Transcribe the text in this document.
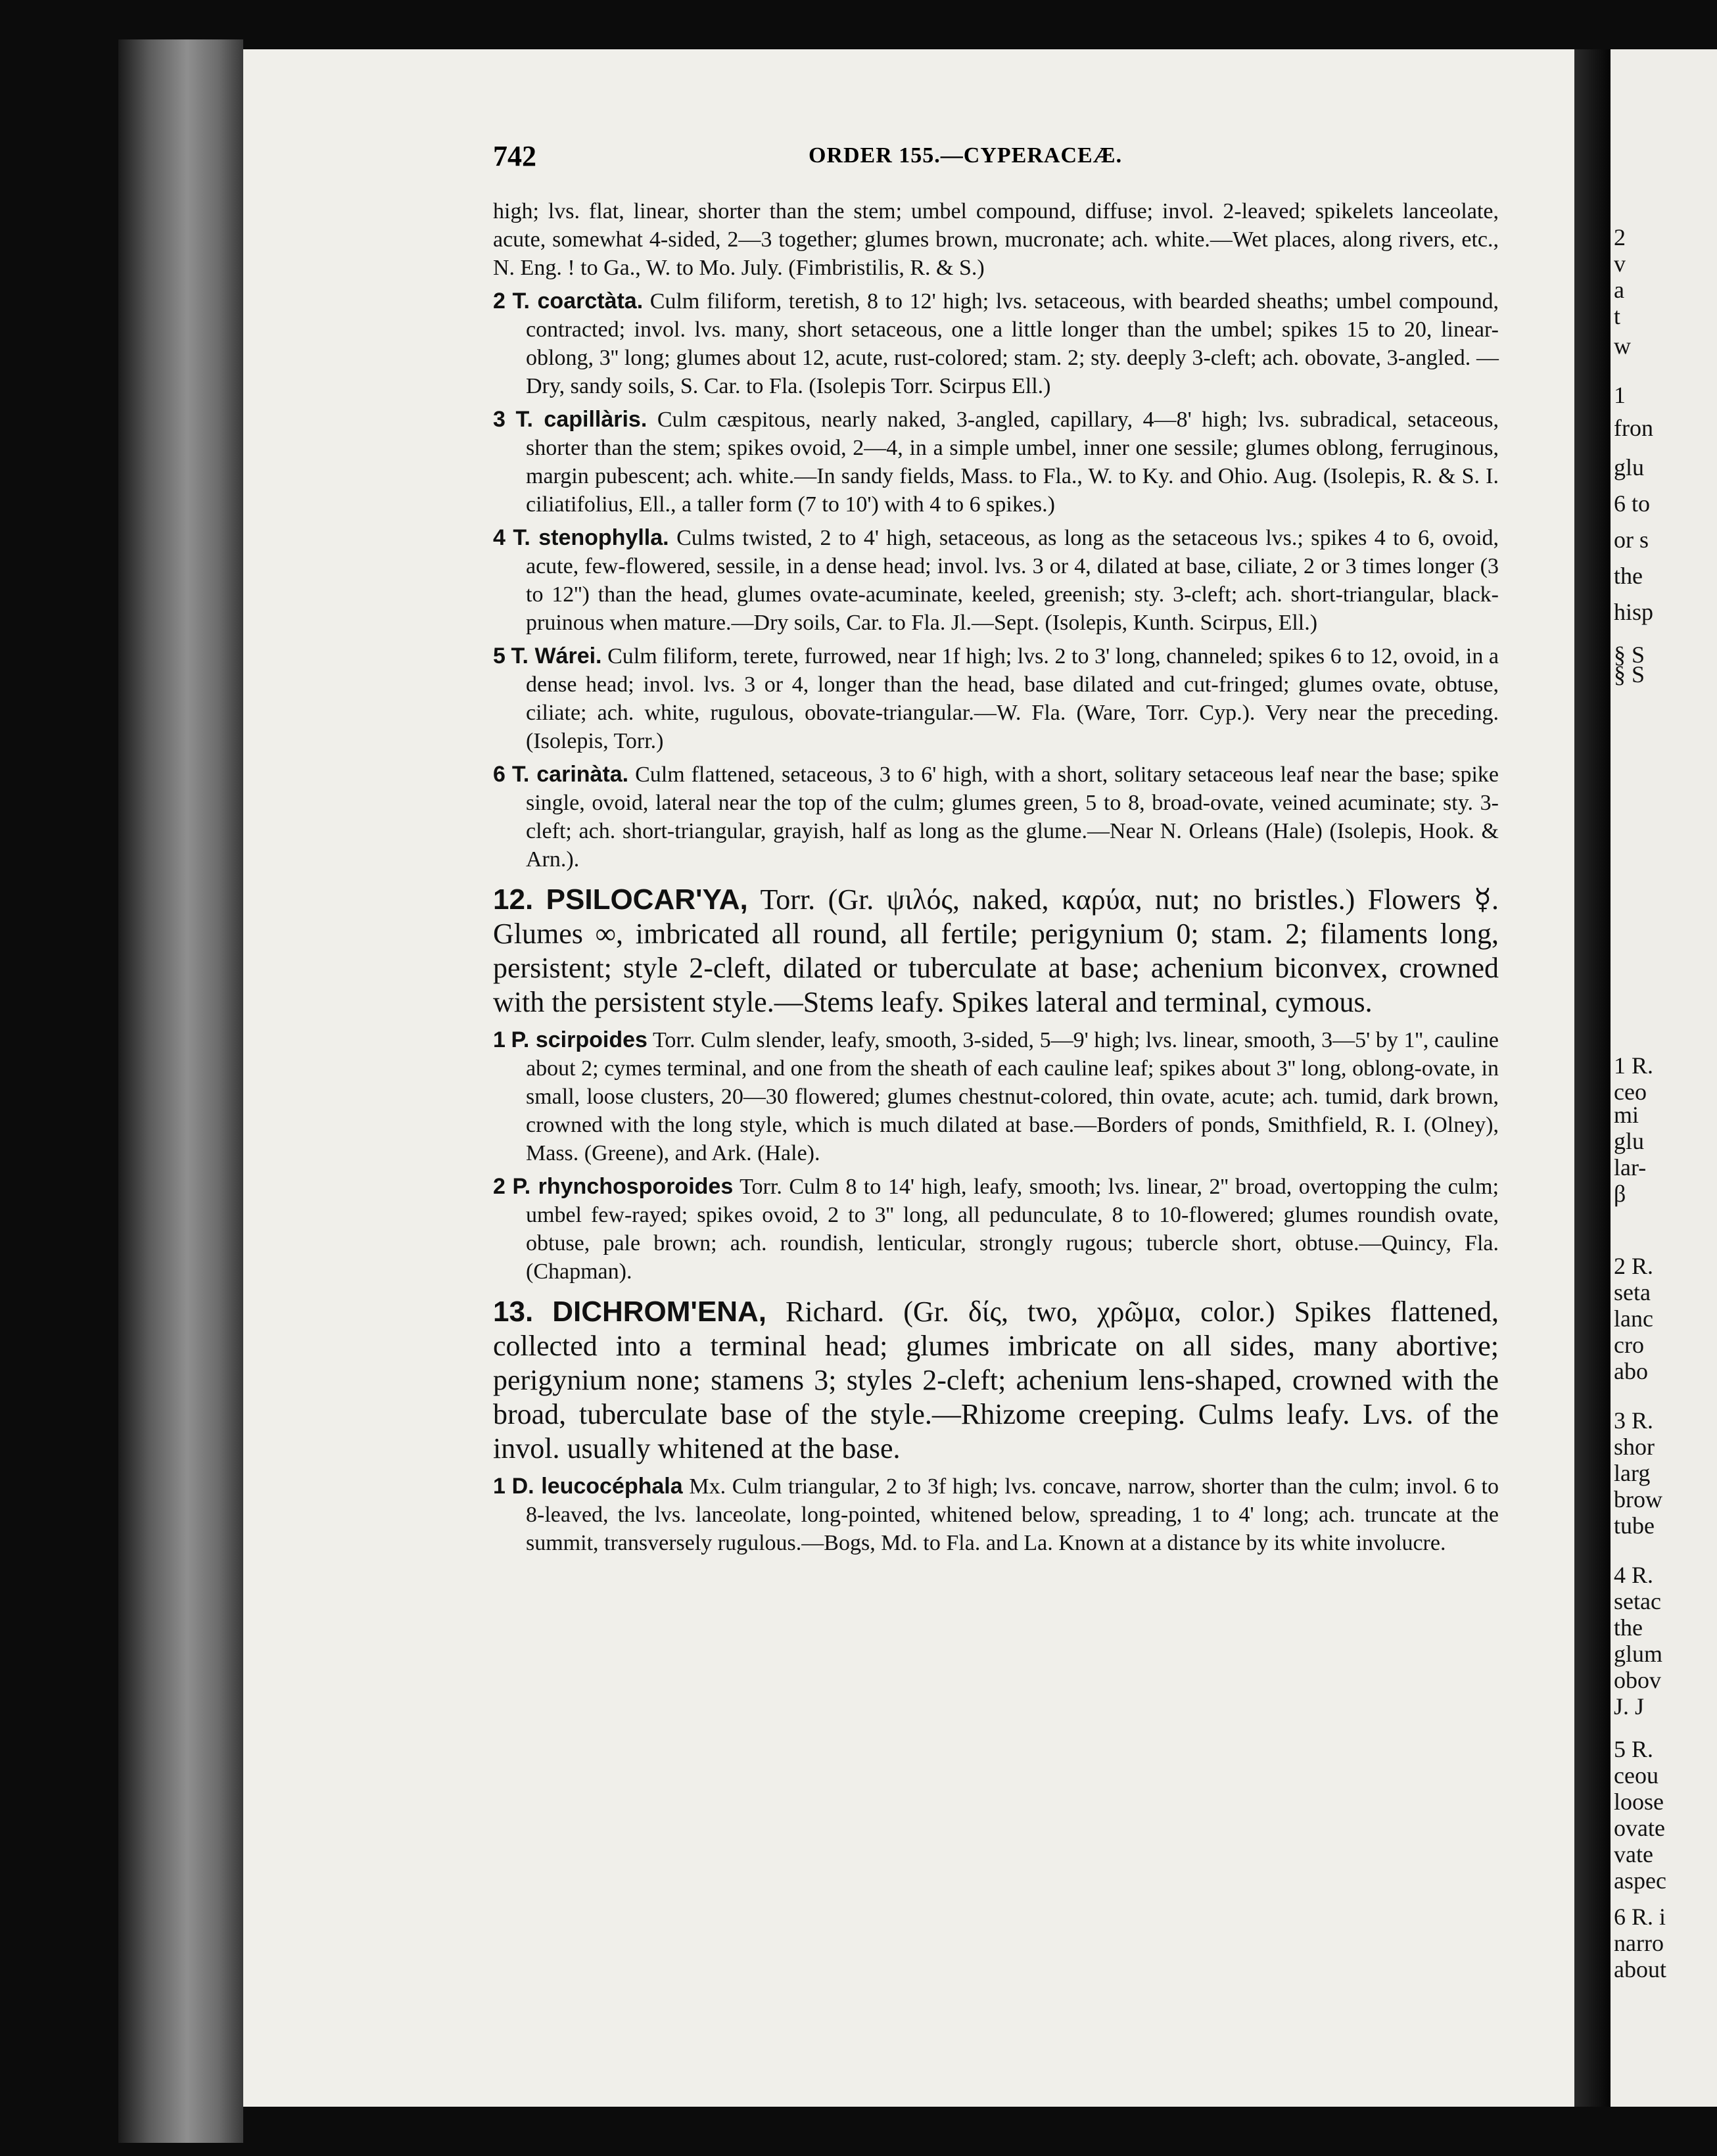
742	ORDER 155.—CYPERACEÆ.

high; lvs. flat, linear, shorter than the stem; umbel compound, diffuse; invol. 2-leaved; spikelets lanceolate, acute, somewhat 4-sided, 2—3 together; glumes brown, mucronate; ach. white.—Wet places, along rivers, etc., N. Eng. ! to Ga., W. to Mo. July. (Fimbristilis, R. & S.)

2 T. coarctàta. Culm filiform, teretish, 8 to 12' high; lvs. setaceous, with bearded sheaths; umbel compound, contracted; invol. lvs. many, short setaceous, one a little longer than the umbel; spikes 15 to 20, linear-oblong, 3'' long; glumes about 12, acute, rust-colored; stam. 2; sty. deeply 3-cleft; ach. obovate, 3-angled. —Dry, sandy soils, S. Car. to Fla. (Isolepis Torr. Scirpus Ell.)

3 T. capillàris. Culm cæspitous, nearly naked, 3-angled, capillary, 4—8' high; lvs. subradical, setaceous, shorter than the stem; spikes ovoid, 2—4, in a simple umbel, inner one sessile; glumes oblong, ferruginous, margin pubescent; ach. white.—In sandy fields, Mass. to Fla., W. to Ky. and Ohio. Aug. (Isolepis, R. & S. I. ciliatifolius, Ell., a taller form (7 to 10') with 4 to 6 spikes.)

4 T. stenophylla. Culms twisted, 2 to 4' high, setaceous, as long as the setaceous lvs.; spikes 4 to 6, ovoid, acute, few-flowered, sessile, in a dense head; invol. lvs. 3 or 4, dilated at base, ciliate, 2 or 3 times longer (3 to 12'') than the head, glumes ovate-acuminate, keeled, greenish; sty. 3-cleft; ach. short-triangular, black-pruinous when mature.—Dry soils, Car. to Fla. Jl.—Sept. (Isolepis, Kunth. Scirpus, Ell.)

5 T. Wárei. Culm filiform, terete, furrowed, near 1f high; lvs. 2 to 3' long, channeled; spikes 6 to 12, ovoid, in a dense head; invol. lvs. 3 or 4, longer than the head, base dilated and cut-fringed; glumes ovate, obtuse, ciliate; ach. white, rugulous, obovate-triangular.—W. Fla. (Ware, Torr. Cyp.). Very near the preceding. (Isolepis, Torr.)

6 T. carinàta. Culm flattened, setaceous, 3 to 6' high, with a short, solitary setaceous leaf near the base; spike single, ovoid, lateral near the top of the culm; glumes green, 5 to 8, broad-ovate, veined acuminate; sty. 3-cleft; ach. short-triangular, grayish, half as long as the glume.—Near N. Orleans (Hale) (Isolepis, Hook. & Arn.).

12. PSILOCAR'YA, Torr. (Gr. ψιλός, naked, καρύα, nut; no bristles.) Flowers ☿. Glumes ∞, imbricated all round, all fertile; perigynium 0; stam. 2; filaments long, persistent; style 2-cleft, dilated or tuberculate at base; achenium biconvex, crowned with the persistent style.—Stems leafy. Spikes lateral and terminal, cymous.

1 P. scirpoides Torr. Culm slender, leafy, smooth, 3-sided, 5—9' high; lvs. linear, smooth, 3—5' by 1'', cauline about 2; cymes terminal, and one from the sheath of each cauline leaf; spikes about 3'' long, oblong-ovate, in small, loose clusters, 20—30 flowered; glumes chestnut-colored, thin ovate, acute; ach. tumid, dark brown, crowned with the long style, which is much dilated at base.—Borders of ponds, Smithfield, R. I. (Olney), Mass. (Greene), and Ark. (Hale).

2 P. rhynchosporoides Torr. Culm 8 to 14' high, leafy, smooth; lvs. linear, 2'' broad, overtopping the culm; umbel few-rayed; spikes ovoid, 2 to 3'' long, all pedunculate, 8 to 10-flowered; glumes roundish ovate, obtuse, pale brown; ach. roundish, lenticular, strongly rugous; tubercle short, obtuse.—Quincy, Fla. (Chapman).

13. DICHROM'ENA, Richard. (Gr. δίς, two, χρῶμα, color.) Spikes flattened, collected into a terminal head; glumes imbricate on all sides, many abortive; perigynium none; stamens 3; styles 2-cleft; achenium lens-shaped, crowned with the broad, tuberculate base of the style.—Rhizome creeping. Culms leafy. Lvs. of the invol. usually whitened at the base.

1 D. leucocéphala Mx. Culm triangular, 2 to 3f high; lvs. concave, narrow, shorter than the culm; invol. 6 to 8-leaved, the lvs. lanceolate, long-pointed, whitened below, spreading, 1 to 4' long; ach. truncate at the summit, transversely rugulous.—Bogs, Md. to Fla. and La. Known at a distance by its white involucre.

2
v
a
t
w
1
fron
glu
6 to
or s
the
hisp
§ S
§ S
1 R.
ceo
mi
glu
lar-
β
2 R.
seta
lanc
cro
abo
3 R.
shor
larg
brow
tube
4 R.
setac
the
glum
obov
J. J
5 R.
ceou
loose
ovate
vate
aspec
6 R. i
narro
about
